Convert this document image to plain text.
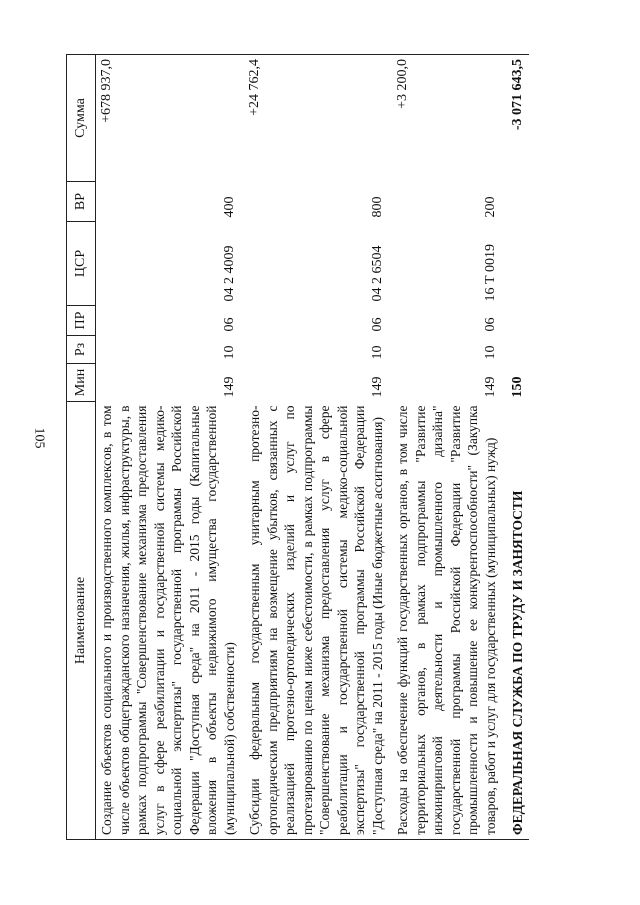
105
Наименование	Мин	Рз	ПР	ЦСР	ВР	Сумма
Создание объектов социального и производственного комплексов, в том числе объектов общегражданского назначения, жилья, инфраструктуры, в рамках подпрограммы "Совершенствование механизма предоставления услуг в сфере реабилитации и государственной системы медико-социальной экспертизы" государственной программы Российской Федерации "Доступная среда" на 2011 - 2015 годы (Капитальные вложения в объекты недвижимого имущества государственной (муниципальной) собственности)	149	10	06	04 2 4009	400	+678 937,0
Субсидии федеральным государственным унитарным протезно-ортопедическим предприятиям на возмещение убытков, связанных с реализацией протезно-ортопедических изделий и услуг по протезированию по ценам ниже себестоимости, в рамках подпрограммы "Совершенствование механизма предоставления услуг в сфере реабилитации и государственной системы медико-социальной экспертизы" государственной программы Российской Федерации "Доступная среда" на 2011 - 2015 годы (Иные бюджетные ассигнования)	149	10	06	04 2 6504	800	+24 762,4
Расходы на обеспечение функций государственных органов, в том числе территориальных органов, в рамках подпрограммы "Развитие инжиниринговой деятельности и промышленного дизайна" государственной программы Российской Федерации "Развитие промышленности и повышение ее конкурентоспособности" (Закупка товаров, работ и услуг для государственных (муниципальных) нужд)	149	10	06	16 Т 0019	200	+3 200,0
ФЕДЕРАЛЬНАЯ СЛУЖБА ПО ТРУДУ И ЗАНЯТОСТИ	150					-3 071 643,5
